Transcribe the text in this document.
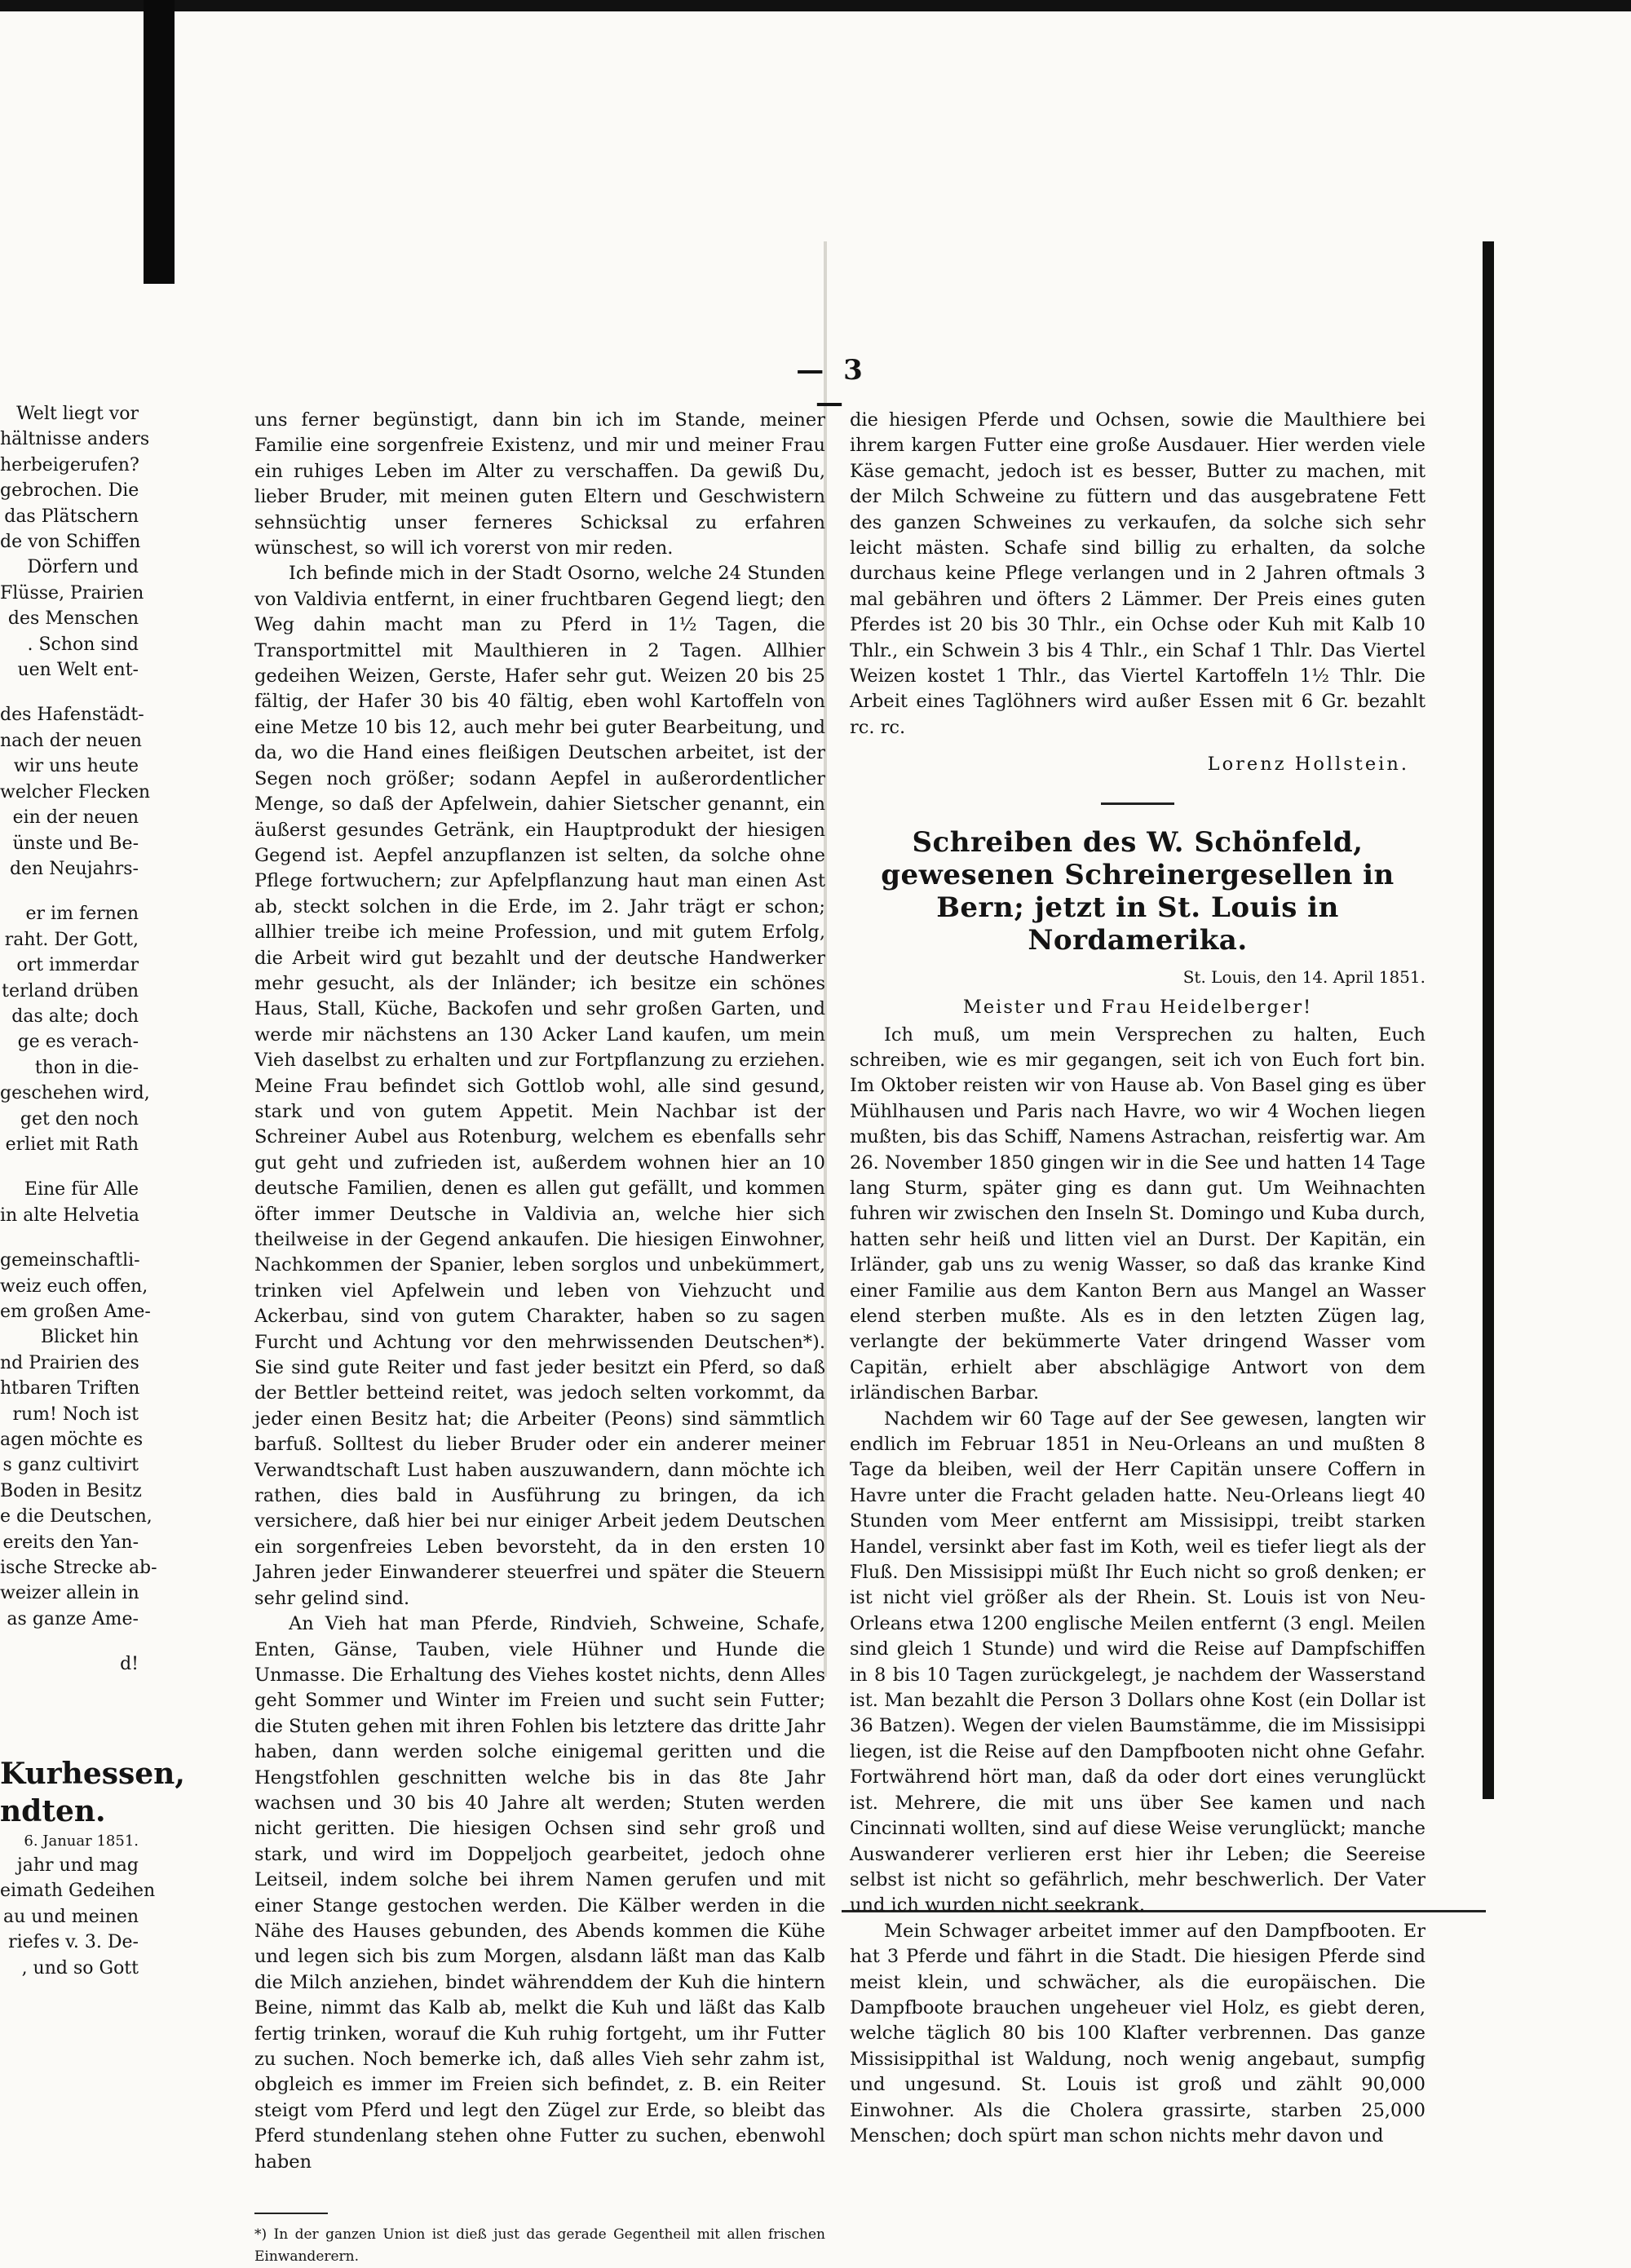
Welt liegt vor
hältnisse anders
herbeigerufen?
gebrochen. Die
das Plätschern
de von Schiffen
Dörfern und
Flüsse, Prairien
des Menschen
. Schon sind
uen Welt ent-
des Hafenstädt-
nach der neuen
wir uns heute
welcher Flecken
ein der neuen
ünste und Be-
den Neujahrs-
er im fernen
raht. Der Gott,
ort immerdar
terland drüben
das alte; doch
ge es verach-
thon in die-
geschehen wird,
get den noch
erliet mit Rath
Eine für Alle
in alte Helvetia
gemeinschaftli-
weiz euch offen,
em großen Ame-
Blicket hin
nd Prairien des
htbaren Triften
rum! Noch ist
agen möchte es
s ganz cultivirt
Boden in Besitz
e die Deutschen,
ereits den Yan-
ische Strecke ab-
weizer allein in
as ganze Ame-
d!
Kurhessen,
ndten.
6. Januar 1851.
jahr und mag
eimath Gedeihen
au und meinen
riefes v. 3. De-
, und so Gott
— 3 —

uns ferner begünstigt, dann bin ich im Stande, meiner Familie eine sorgenfreie Existenz, und mir und meiner Frau ein ruhiges Leben im Alter zu verschaffen. Da gewiß Du, lieber Bruder, mit meinen guten Eltern und Geschwistern sehnsüchtig unser ferneres Schicksal zu erfahren wünschest, so will ich vorerst von mir reden.

Ich befinde mich in der Stadt Osorno, welche 24 Stunden von Valdivia entfernt, in einer fruchtbaren Gegend liegt; den Weg dahin macht man zu Pferd in 1½ Tagen, die Transportmittel mit Maulthieren in 2 Tagen. Allhier gedeihen Weizen, Gerste, Hafer sehr gut. Weizen 20 bis 25 fältig, der Hafer 30 bis 40 fältig, eben wohl Kartoffeln von eine Metze 10 bis 12, auch mehr bei guter Bearbeitung, und da, wo die Hand eines fleißigen Deutschen arbeitet, ist der Segen noch größer; sodann Aepfel in außerordentlicher Menge, so daß der Apfelwein, dahier Sietscher genannt, ein äußerst gesundes Getränk, ein Hauptprodukt der hiesigen Gegend ist. Aepfel anzupflanzen ist selten, da solche ohne Pflege fortwuchern; zur Apfelpflanzung haut man einen Ast ab, steckt solchen in die Erde, im 2. Jahr trägt er schon; allhier treibe ich meine Profession, und mit gutem Erfolg, die Arbeit wird gut bezahlt und der deutsche Handwerker mehr gesucht, als der Inländer; ich besitze ein schönes Haus, Stall, Küche, Backofen und sehr großen Garten, und werde mir nächstens an 130 Acker Land kaufen, um mein Vieh daselbst zu erhalten und zur Fortpflanzung zu erziehen. Meine Frau befindet sich Gottlob wohl, alle sind gesund, stark und von gutem Appetit. Mein Nachbar ist der Schreiner Aubel aus Rotenburg, welchem es ebenfalls sehr gut geht und zufrieden ist, außerdem wohnen hier an 10 deutsche Familien, denen es allen gut gefällt, und kommen öfter immer Deutsche in Valdivia an, welche hier sich theilweise in der Gegend ankaufen. Die hiesigen Einwohner, Nachkommen der Spanier, leben sorglos und unbekümmert, trinken viel Apfelwein und leben von Viehzucht und Ackerbau, sind von gutem Charakter, haben so zu sagen Furcht und Achtung vor den mehrwissenden Deutschen*). Sie sind gute Reiter und fast jeder besitzt ein Pferd, so daß der Bettler betteind reitet, was jedoch selten vorkommt, da jeder einen Besitz hat; die Arbeiter (Peons) sind sämmtlich barfuß. Solltest du lieber Bruder oder ein anderer meiner Verwandtschaft Lust haben auszuwandern, dann möchte ich rathen, dies bald in Ausführung zu bringen, da ich versichere, daß hier bei nur einiger Arbeit jedem Deutschen ein sorgenfreies Leben bevorsteht, da in den ersten 10 Jahren jeder Einwanderer steuerfrei und später die Steuern sehr gelind sind.

An Vieh hat man Pferde, Rindvieh, Schweine, Schafe, Enten, Gänse, Tauben, viele Hühner und Hunde die Unmasse. Die Erhaltung des Viehes kostet nichts, denn Alles geht Sommer und Winter im Freien und sucht sein Futter; die Stuten gehen mit ihren Fohlen bis letztere das dritte Jahr haben, dann werden solche einigemal geritten und die Hengstfohlen geschnitten welche bis in das 8te Jahr wachsen und 30 bis 40 Jahre alt werden; Stuten werden nicht geritten. Die hiesigen Ochsen sind sehr groß und stark, und wird im Doppeljoch gearbeitet, jedoch ohne Leitseil, indem solche bei ihrem Namen gerufen und mit einer Stange gestochen werden. Die Kälber werden in die Nähe des Hauses gebunden, des Abends kommen die Kühe und legen sich bis zum Morgen, alsdann läßt man das Kalb die Milch anziehen, bindet währenddem der Kuh die hintern Beine, nimmt das Kalb ab, melkt die Kuh und läßt das Kalb fertig trinken, worauf die Kuh ruhig fortgeht, um ihr Futter zu suchen. Noch bemerke ich, daß alles Vieh sehr zahm ist, obgleich es immer im Freien sich befindet, z. B. ein Reiter steigt vom Pferd und legt den Zügel zur Erde, so bleibt das Pferd stundenlang stehen ohne Futter zu suchen, ebenwohl haben

*) In der ganzen Union ist dieß just das gerade Gegentheil mit allen frischen Einwanderern.

die hiesigen Pferde und Ochsen, sowie die Maulthiere bei ihrem kargen Futter eine große Ausdauer. Hier werden viele Käse gemacht, jedoch ist es besser, Butter zu machen, mit der Milch Schweine zu füttern und das ausgebratene Fett des ganzen Schweines zu verkaufen, da solche sich sehr leicht mästen. Schafe sind billig zu erhalten, da solche durchaus keine Pflege verlangen und in 2 Jahren oftmals 3 mal gebähren und öfters 2 Lämmer. Der Preis eines guten Pferdes ist 20 bis 30 Thlr., ein Ochse oder Kuh mit Kalb 10 Thlr., ein Schwein 3 bis 4 Thlr., ein Schaf 1 Thlr. Das Viertel Weizen kostet 1 Thlr., das Viertel Kartoffeln 1½ Thlr. Die Arbeit eines Taglöhners wird außer Essen mit 6 Gr. bezahlt rc. rc.

Lorenz Hollstein.

Schreiben des W. Schönfeld, gewesenen Schreinergesellen in Bern; jetzt in St. Louis in Nordamerika.

St. Louis, den 14. April 1851.

Meister und Frau Heidelberger!

Ich muß, um mein Versprechen zu halten, Euch schreiben, wie es mir gegangen, seit ich von Euch fort bin. Im Oktober reisten wir von Hause ab. Von Basel ging es über Mühlhausen und Paris nach Havre, wo wir 4 Wochen liegen mußten, bis das Schiff, Namens Astrachan, reisfertig war. Am 26. November 1850 gingen wir in die See und hatten 14 Tage lang Sturm, später ging es dann gut. Um Weihnachten fuhren wir zwischen den Inseln St. Domingo und Kuba durch, hatten sehr heiß und litten viel an Durst. Der Kapitän, ein Irländer, gab uns zu wenig Wasser, so daß das kranke Kind einer Familie aus dem Kanton Bern aus Mangel an Wasser elend sterben mußte. Als es in den letzten Zügen lag, verlangte der bekümmerte Vater dringend Wasser vom Capitän, erhielt aber abschlägige Antwort von dem irländischen Barbar.

Nachdem wir 60 Tage auf der See gewesen, langten wir endlich im Februar 1851 in Neu-Orleans an und mußten 8 Tage da bleiben, weil der Herr Capitän unsere Coffern in Havre unter die Fracht geladen hatte. Neu-Orleans liegt 40 Stunden vom Meer entfernt am Missisippi, treibt starken Handel, versinkt aber fast im Koth, weil es tiefer liegt als der Fluß. Den Missisippi müßt Ihr Euch nicht so groß denken; er ist nicht viel größer als der Rhein. St. Louis ist von Neu-Orleans etwa 1200 englische Meilen entfernt (3 engl. Meilen sind gleich 1 Stunde) und wird die Reise auf Dampfschiffen in 8 bis 10 Tagen zurückgelegt, je nachdem der Wasserstand ist. Man bezahlt die Person 3 Dollars ohne Kost (ein Dollar ist 36 Batzen). Wegen der vielen Baumstämme, die im Missisippi liegen, ist die Reise auf den Dampfbooten nicht ohne Gefahr. Fortwährend hört man, daß da oder dort eines verunglückt ist. Mehrere, die mit uns über See kamen und nach Cincinnati wollten, sind auf diese Weise verunglückt; manche Auswanderer verlieren erst hier ihr Leben; die Seereise selbst ist nicht so gefährlich, mehr beschwerlich. Der Vater und ich wurden nicht seekrank.

Mein Schwager arbeitet immer auf den Dampfbooten. Er hat 3 Pferde und fährt in die Stadt. Die hiesigen Pferde sind meist klein, und schwächer, als die europäischen. Die Dampfboote brauchen ungeheuer viel Holz, es giebt deren, welche täglich 80 bis 100 Klafter verbrennen. Das ganze Missisippithal ist Waldung, noch wenig angebaut, sumpfig und ungesund. St. Louis ist groß und zählt 90,000 Einwohner. Als die Cholera grassirte, starben 25,000 Menschen; doch spürt man schon nichts mehr davon und
